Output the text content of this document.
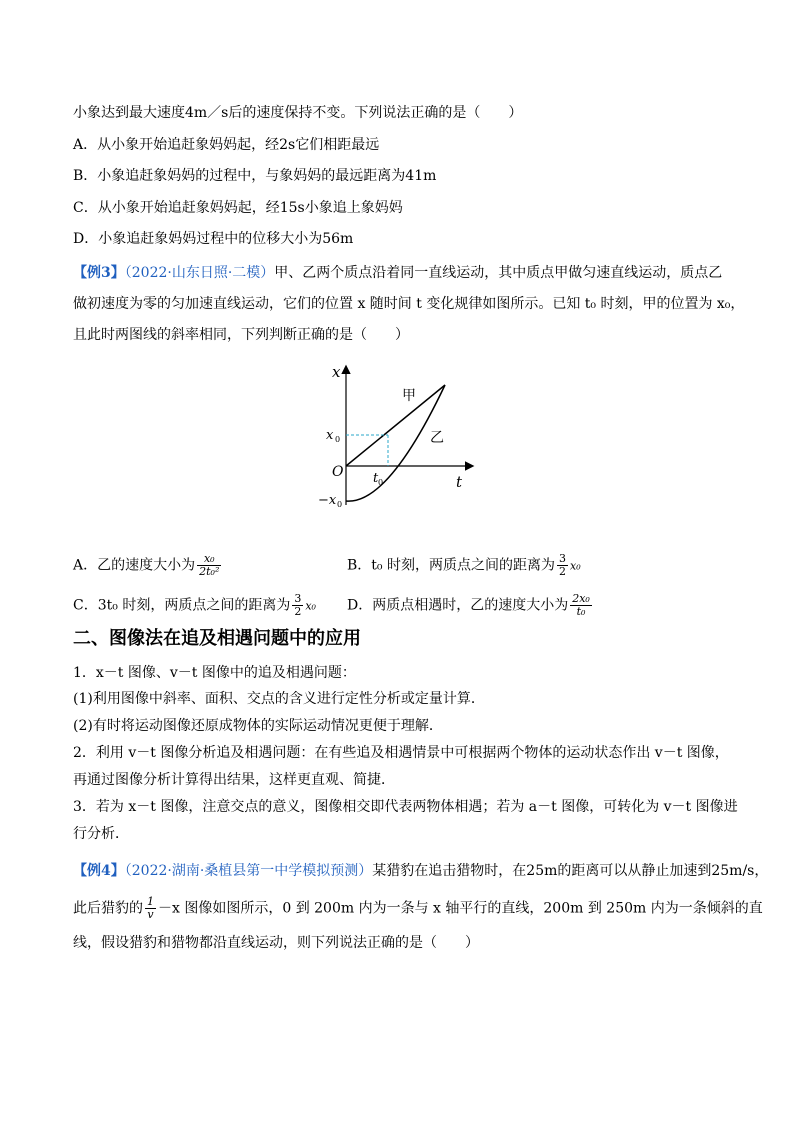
小象达到最大速度4m／s后的速度保持不变。下列说法正确的是（　　）
A．从小象开始追赶象妈妈起，经2s它们相距最远
B．小象追赶象妈妈的过程中，与象妈妈的最远距离为41m
C．从小象开始追赶象妈妈起，经15s小象追上象妈妈
D．小象追赶象妈妈过程中的位移大小为56m
【例3】（2022·山东日照·二模）甲、乙两个质点沿着同一直线运动，其中质点甲做匀速直线运动，质点乙
做初速度为零的匀加速直线运动，它们的位置 x 随时间 t 变化规律如图所示。已知 t₀ 时刻，甲的位置为 x₀，
且此时两图线的斜率相同，下列判断正确的是（　　）
x
t
O
x 0
−x 0
t 0
甲
乙
A．乙的速度大小为 $\frac{\text{x₀}}{\text{2t₀²}}$	B．t₀ 时刻，两质点之间的距离为 $\frac{3}{2} x_0$
C．3t₀ 时刻，两质点之间的距离为 $\frac{3}{2} x_0$ D．两质点相遇时，乙的速度大小为 $\frac{\text{2x₀}}{\text{t₀}}$
二、图像法在追及相遇问题中的应用
1．x－t 图像、v－t 图像中的追及相遇问题：
(1)利用图像中斜率、面积、交点的含义进行定性分析或定量计算．
(2)有时将运动图像还原成物体的实际运动情况更便于理解．
2．利用 v－t 图像分析追及相遇问题：在有些追及相遇情景中可根据两个物体的运动状态作出 v－t 图像，
再通过图像分析计算得出结果，这样更直观、简捷．
3．若为 x－t 图像，注意交点的意义，图像相交即代表两物体相遇；若为 a－t 图像，可转化为 v－t 图像进
行分析．
【例4】（2022·湖南·桑植县第一中学模拟预测）某猎豹在追击猎物时，在25m的距离可以从静止加速到25m/s，
此后猎豹的 $\frac{1}{v} -x$ 图像如图所示，0 到 200m 内为一条与 x 轴平行的直线，200m 到 250m 内为一条倾斜的直
线，假设猎豹和猎物都沿直线运动，则下列说法正确的是（　　）
